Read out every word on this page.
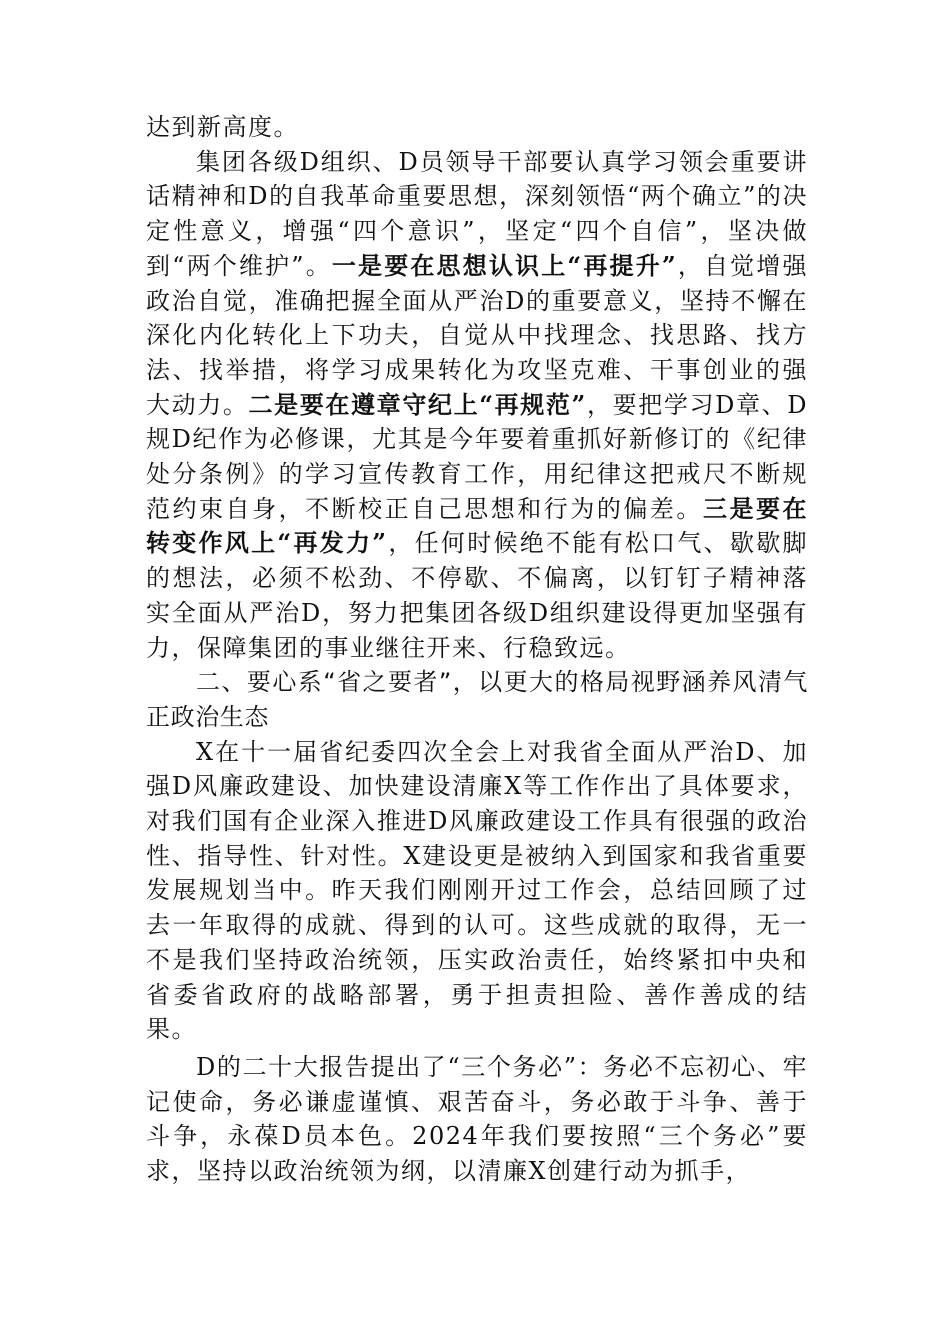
达到新高度。

集团各级D组织、D员领导干部要认真学习领会重要讲话精神和D的自我革命重要思想，深刻领悟“两个确立”的决定性意义，增强“四个意识”，坚定“四个自信”，坚决做到“两个维护”。一是要在思想认识上“再提升”，自觉增强政治自觉，准确把握全面从严治D的重要意义，坚持不懈在深化内化转化上下功夫，自觉从中找理念、找思路、找方法、找举措，将学习成果转化为攻坚克难、干事创业的强大动力。二是要在遵章守纪上“再规范”，要把学习D章、D规D纪作为必修课，尤其是今年要着重抓好新修订的《纪律处分条例》的学习宣传教育工作，用纪律这把戒尺不断规范约束自身，不断校正自己思想和行为的偏差。三是要在转变作风上“再发力”，任何时候绝不能有松口气、歇歇脚的想法，必须不松劲、不停歇、不偏离，以钉钉子精神落实全面从严治D，努力把集团各级D组织建设得更加坚强有力，保障集团的事业继往开来、行稳致远。

二、要心系“省之要者”，以更大的格局视野涵养风清气正政治生态

X在十一届省纪委四次全会上对我省全面从严治D、加强D风廉政建设、加快建设清廉X等工作作出了具体要求，对我们国有企业深入推进D风廉政建设工作具有很强的政治性、指导性、针对性。X建设更是被纳入到国家和我省重要发展规划当中。昨天我们刚刚开过工作会，总结回顾了过去一年取得的成就、得到的认可。这些成就的取得，无一不是我们坚持政治统领，压实政治责任，始终紧扣中央和省委省政府的战略部署，勇于担责担险、善作善成的结果。

D的二十大报告提出了“三个务必”：务必不忘初心、牢记使命，务必谦虚谨慎、艰苦奋斗，务必敢于斗争、善于斗争，永葆D员本色。2024年我们要按照“三个务必”要求，坚持以政治统领为纲，以清廉X创建行动为抓手，
